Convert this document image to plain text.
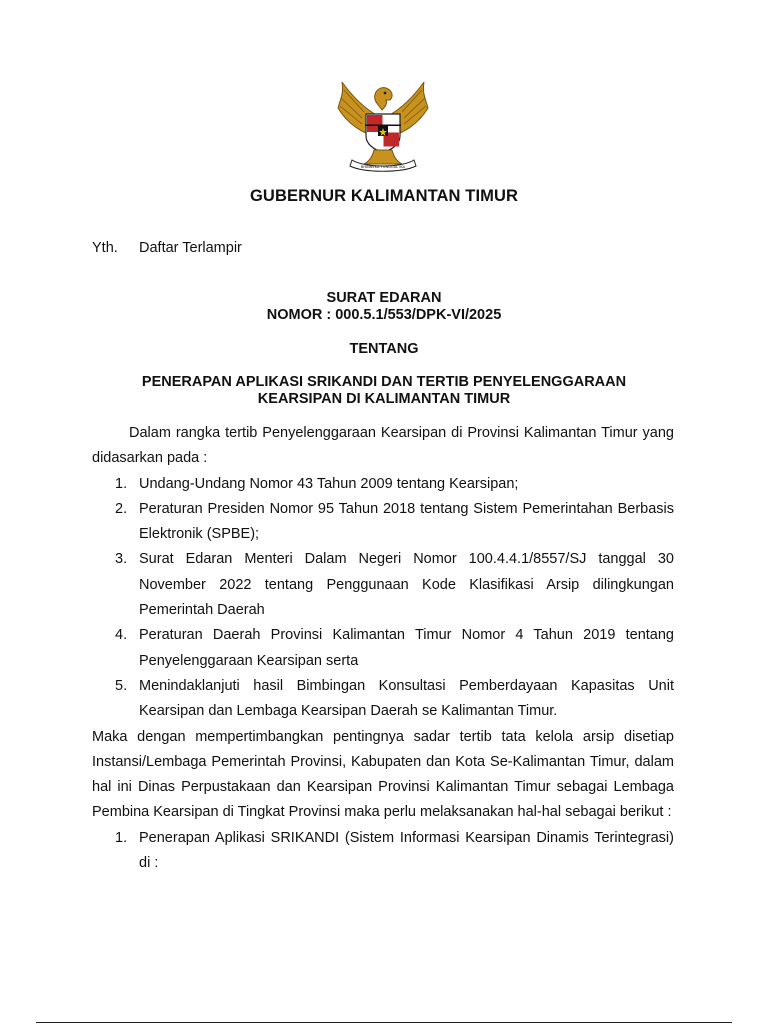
BHINNEKA TUNGGAL IKA
GUBERNUR KALIMANTAN TIMUR
Yth. Daftar Terlampir
SURAT EDARAN
NOMOR : 000.5.1/553/DPK-VI/2025
TENTANG
PENERAPAN APLIKASI SRIKANDI DAN TERTIB PENYELENGGARAAN
KEARSIPAN DI KALIMANTAN TIMUR

Dalam rangka tertib Penyelenggaraan Kearsipan di Provinsi Kalimantan Timur yang didasarkan pada :

1. Undang-Undang Nomor 43 Tahun 2009 tentang Kearsipan;
2. Peraturan Presiden Nomor 95 Tahun 2018 tentang Sistem Pemerintahan Berbasis Elektronik (SPBE);
3. Surat Edaran Menteri Dalam Negeri Nomor 100.4.4.1/8557/SJ tanggal 30 November 2022 tentang Penggunaan Kode Klasifikasi Arsip dilingkungan Pemerintah Daerah
4. Peraturan Daerah Provinsi Kalimantan Timur Nomor 4 Tahun 2019 tentang Penyelenggaraan Kearsipan serta
5. Menindaklanjuti hasil Bimbingan Konsultasi Pemberdayaan Kapasitas Unit Kearsipan dan Lembaga Kearsipan Daerah se Kalimantan Timur.

Maka dengan mempertimbangkan pentingnya sadar tertib tata kelola arsip disetiap Instansi/Lembaga Pemerintah Provinsi, Kabupaten dan Kota Se-Kalimantan Timur, dalam hal ini Dinas Perpustakaan dan Kearsipan Provinsi Kalimantan Timur sebagai Lembaga Pembina Kearsipan di Tingkat Provinsi maka perlu melaksanakan hal-hal sebagai berikut :

1. Penerapan Aplikasi SRIKANDI (Sistem Informasi Kearsipan Dinamis Terintegrasi) di :
